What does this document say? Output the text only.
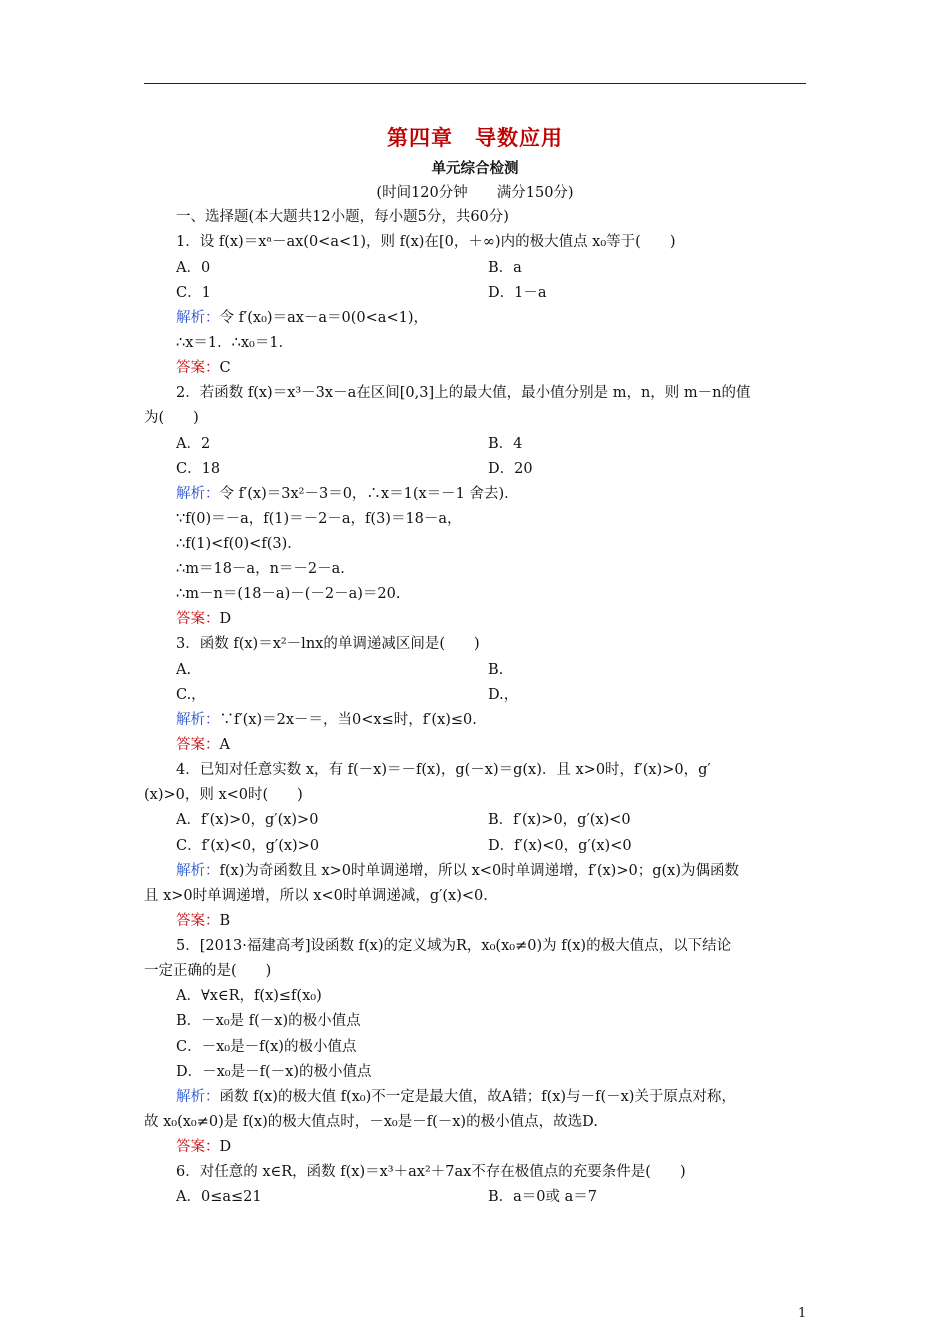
第四章　导数应用
单元综合检测
(时间120分钟　　满分150分)
一、选择题(本大题共12小题，每小题5分，共60分)
1．设 f(x)＝xᵃ－ax(0<a<1)，则 f(x)在[0，＋∞)内的极大值点 x₀等于(　　)
A．0	B．a
C．1	D．1－a
解析：令 f′(x₀)＝ax－a＝0(0<a<1)，
∴x＝1．∴x₀＝1．
答案：C
2．若函数 f(x)＝x³－3x－a在区间[0,3]上的最大值，最小值分别是 m，n，则 m－n的值
为(　　)
A．2	B．4
C．18	D．20
解析：令 f′(x)＝3x²－3＝0，∴x＝1(x＝－1 舍去)．
∵f(0)＝－a，f(1)＝－2－a，f(3)＝18－a，
∴f(1)<f(0)<f(3)．
∴m＝18－a，n＝－2－a.
∴m－n＝(18－a)－(－2－a)＝20.
答案：D
3．函数 f(x)＝x²－lnx的单调递减区间是(　　)
A.	B.
C.，	D.，
解析：∵f′(x)＝2x－＝，当0<x≤时，f′(x)≤0.
答案：A
4．已知对任意实数 x，有 f(－x)＝－f(x)，g(－x)＝g(x)．且 x>0时，f′(x)>0，g′
(x)>0，则 x<0时(　　)
A．f′(x)>0，g′(x)>0	B．f′(x)>0，g′(x)<0
C．f′(x)<0，g′(x)>0	D．f′(x)<0，g′(x)<0
解析：f(x)为奇函数且 x>0时单调递增，所以 x<0时单调递增，f′(x)>0；g(x)为偶函数
且 x>0时单调递增，所以 x<0时单调递减，g′(x)<0.
答案：B
5．[2013·福建高考]设函数 f(x)的定义域为R，x₀(x₀≠0)为 f(x)的极大值点，以下结论
一定正确的是(　　)
A．∀x∈R，f(x)≤f(x₀)
B．－x₀是 f(－x)的极小值点
C．－x₀是－f(x)的极小值点
D．－x₀是－f(－x)的极小值点
解析：函数 f(x)的极大值 f(x₀)不一定是最大值，故A错；f(x)与－f(－x)关于原点对称，
故 x₀(x₀≠0)是 f(x)的极大值点时，－x₀是－f(－x)的极小值点，故选D.
答案：D
6．对任意的 x∈R，函数 f(x)＝x³＋ax²＋7ax不存在极值点的充要条件是(　　)
A．0≤a≤21	B．a＝0或 a＝7
1
